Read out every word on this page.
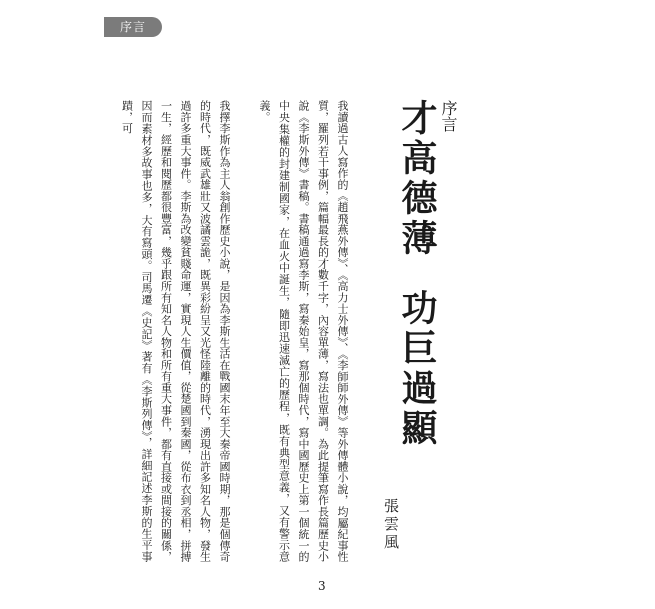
序言
序言
才高德薄功巨過顯
張雲風
我讀過古人寫作的《趙飛燕外傳》、《高力士外傳》、《李師師外傳》等外傳體小說，均屬紀事性質，羅列若干事例，篇幅最長的才數千字，內容單薄，寫法也單調。為此提筆寫作長篇歷史小說《李斯外傳》書稿。書稿通過寫李斯，寫秦始皇，寫那個時代，寫中國歷史上第一個統一的中央集權的封建制國家，在血火中誕生，隨即迅速滅亡的歷程，既有典型意義，又有警示意義。
我擇李斯作為主人翁創作歷史小說，是因為李斯生活在戰國末年至大秦帝國時期，那是個傳奇的時代，既威武雄壯又波譎雲詭，既異彩紛呈又光怪陸離的時代，湧現出許多知名人物，發生過許多重大事件。李斯為改變貧賤命運，實現人生價值，從楚國到秦國，從布衣到丞相，拼搏一生，經歷和閱歷都很豐富，幾乎跟所有知名人物和所有重大事件，都有直接或間接的關係，因而素材多故事也多，大有寫頭。司馬遷《史記》著有《李斯列傳》，詳細記述李斯的生平事蹟，可
3
